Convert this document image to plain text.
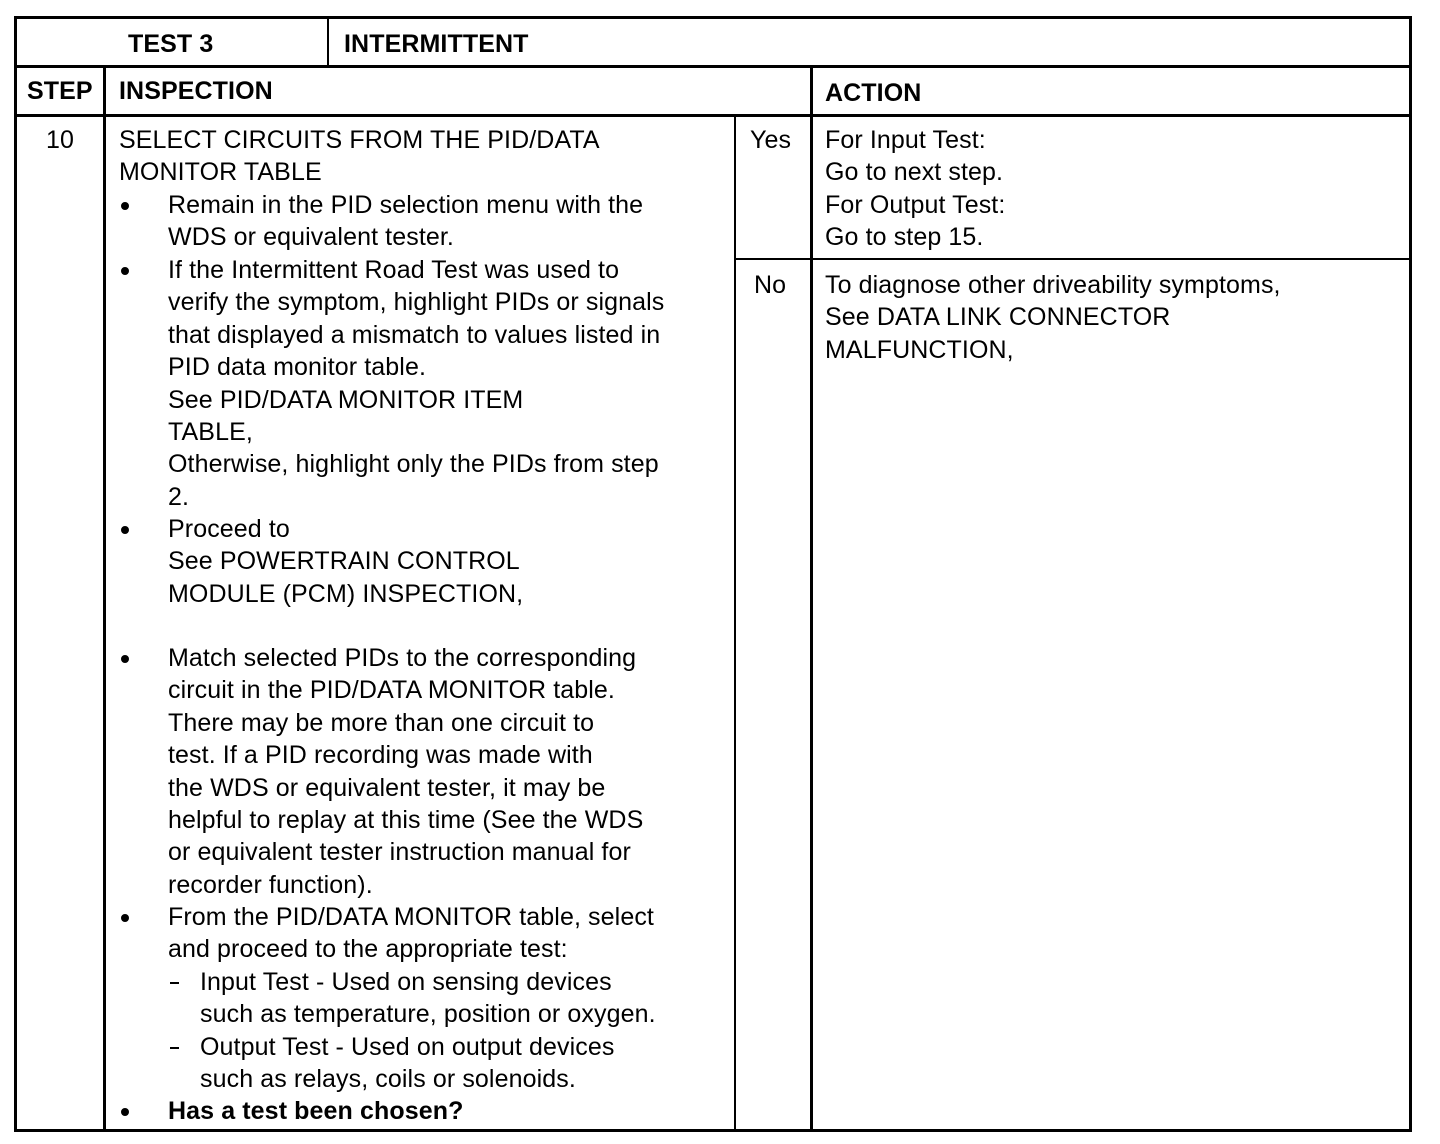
TEST 3	INTERMITTENT
STEP INSPECTION	ACTION
10 SELECT CIRCUITS FROM THE PID/DATA
MONITOR TABLE
Remain in the PID selection menu with the
WDS or equivalent tester.
If the Intermittent Road Test was used to
verify the symptom, highlight PIDs or signals
that displayed a mismatch to values listed in
PID data monitor table.
See PID/DATA MONITOR ITEM
TABLE,
Otherwise, highlight only the PIDs from step
2.
Proceed to
See POWERTRAIN CONTROL
MODULE (PCM) INSPECTION,
Match selected PIDs to the corresponding
circuit in the PID/DATA MONITOR table.
There may be more than one circuit to
test. If a PID recording was made with
the WDS or equivalent tester, it may be
helpful to replay at this time (See the WDS
or equivalent tester instruction manual for
recorder function).
From the PID/DATA MONITOR table, select
and proceed to the appropriate test:
Input Test - Used on sensing devices
such as temperature, position or oxygen.
Output Test - Used on output devices
such as relays, coils or solenoids.
Has a test been chosen?
Yes For Input Test:
Go to next step.
For Output Test:
Go to step 15.
No To diagnose other driveability symptoms,
See DATA LINK CONNECTOR
MALFUNCTION,
